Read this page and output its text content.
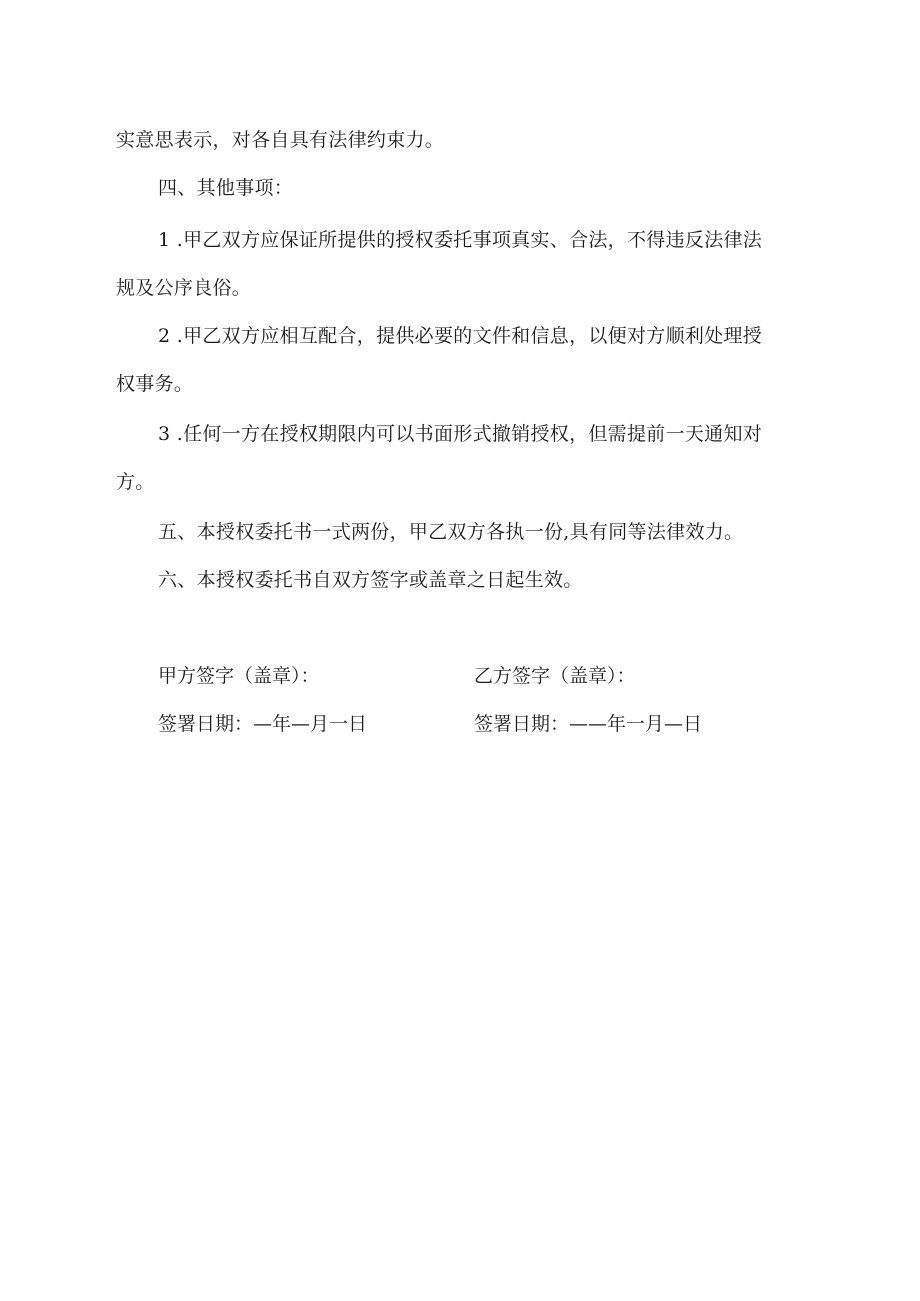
实意思表示，对各自具有法律约束力。
四、其他事项：
1 .甲乙双方应保证所提供的授权委托事项真实、合法，不得违反法律法
规及公序良俗。
2 .甲乙双方应相互配合，提供必要的文件和信息，以便对方顺利处理授
权事务。
3 .任何一方在授权期限内可以书面形式撤销授权，但需提前一天通知对
方。
五、本授权委托书一式两份，甲乙双方各执一份,具有同等法律效力。
六、本授权委托书自双方签字或盖章之日起生效。
甲方签字（盖章）：	乙方签字（盖章）：
签署日期：—年—月一日	签署日期：——年一月—日
